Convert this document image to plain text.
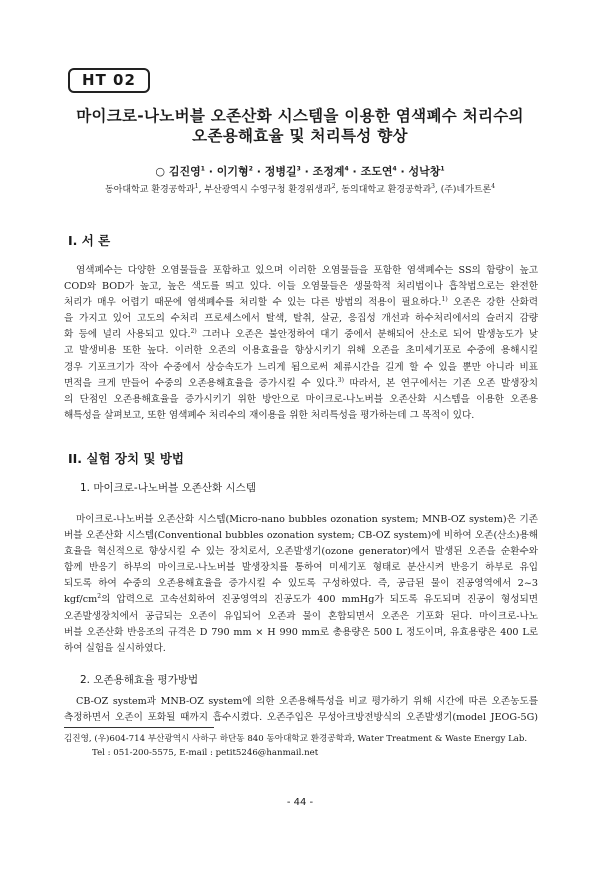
HT 02
마이크로-나노버블 오존산화 시스템을 이용한 염색폐수 처리수의
오존용해효율 및 처리특성 향상
○ 김진영$^1$ · 이기형$^2$ · 정병길$^3$ · 조정계$^4$ · 조도연$^4$ · 성낙창$^1$
동아대학교 환경공학과$^1$, 부산광역시 수영구청 환경위생과$^2$, 동의대학교 환경공학과$^3$, (주)네가트론$^4$
I. 서 론
염색폐수는 다양한 오염물들을 포함하고 있으며 이러한 오염물들을 포함한 염색폐수는 SS의 함량이 높고
COD와 BOD가 높고, 높은 색도를 띄고 있다. 이들 오염물들은 생물학적 처리법이나 흡착법으로는 완전한
처리가 매우 어렵기 때문에 염색폐수를 처리할 수 있는 다른 방법의 적용이 필요하다.$^{1)}$ 오존은 강한 산화력
을 가지고 있어 고도의 수처리 프로세스에서 탈색, 탈취, 살균, 응집성 개선과 하수처리에서의 슬러지 감량
화 등에 널리 사용되고 있다.$^{2)}$ 그러나 오존은 불안정하여 대기 중에서 분해되어 산소로 되어 발생농도가 낮
고 발생비용 또한 높다. 이러한 오존의 이용효율을 향상시키기 위해 오존을 초미세기포로 수중에 용해시킬
경우 기포크기가 작아 수중에서 상승속도가 느리게 됨으로써 체류시간을 길게 할 수 있을 뿐만 아니라 비표
면적을 크게 만들어 수중의 오존용해효율을 증가시킬 수 있다.$^{3)}$ 따라서, 본 연구에서는 기존 오존 발생장치
의 단점인 오존용해효율을 증가시키기 위한 방안으로 마이크로-나노버블 오존산화 시스템을 이용한 오존용
해특성을 살펴보고, 또한 염색폐수 처리수의 재이용을 위한 처리특성을 평가하는데 그 목적이 있다.
II. 실험 장치 및 방법
1. 마이크로-나노버블 오존산화 시스템
마이크로-나노버블 오존산화 시스템(Micro-nano bubbles ozonation system; MNB-OZ system)은 기존
버블 오존산화 시스템(Conventional bubbles ozonation system; CB-OZ system)에 비하여 오존(산소)용해
효율을 혁신적으로 향상시킬 수 있는 장치로서, 오존발생기(ozone generator)에서 발생된 오존을 순환수와
함께 반응기 하부의 마이크로-나노버블 발생장치를 통하여 미세기포 형태로 분산시켜 반응기 하부로 유입
되도록 하여 수중의 오존용해효율을 증가시킬 수 있도록 구성하였다. 즉, 공급된 물이 진공영역에서 2~3
kgf/$cm^2$의 압력으로 고속선회하여 진공영역의 진공도가 400 mmHg가 되도록 유도되며 진공이 형성되면
오존발생장치에서 공급되는 오존이 유입되어 오존과 물이 혼합되면서 오존은 기포화 된다. 마이크로-나노
버블 오존산화 반응조의 규격은 D 790 mm × H 990 mm로 총용량은 500 L 정도이며, 유효용량은 400 L로
하여 실험을 실시하였다.
2. 오존용해효율 평가방법
CB-OZ system과 MNB-OZ system에 의한 오존용해특성을 비교 평가하기 위해 시간에 따른 오존농도를
측정하면서 오존이 포화될 때까지 흡수시켰다. 오존주입은 무성아크방전방식의 오존발생기(model JEOG-5G)
김진영, (우)604-714 부산광역시 사하구 하단동 840 동아대학교 환경공학과, Water Treatment & Waste Energy Lab.
Tel : 051-200-5575, E-mail : petit5246@hanmail.net
- 44 -
